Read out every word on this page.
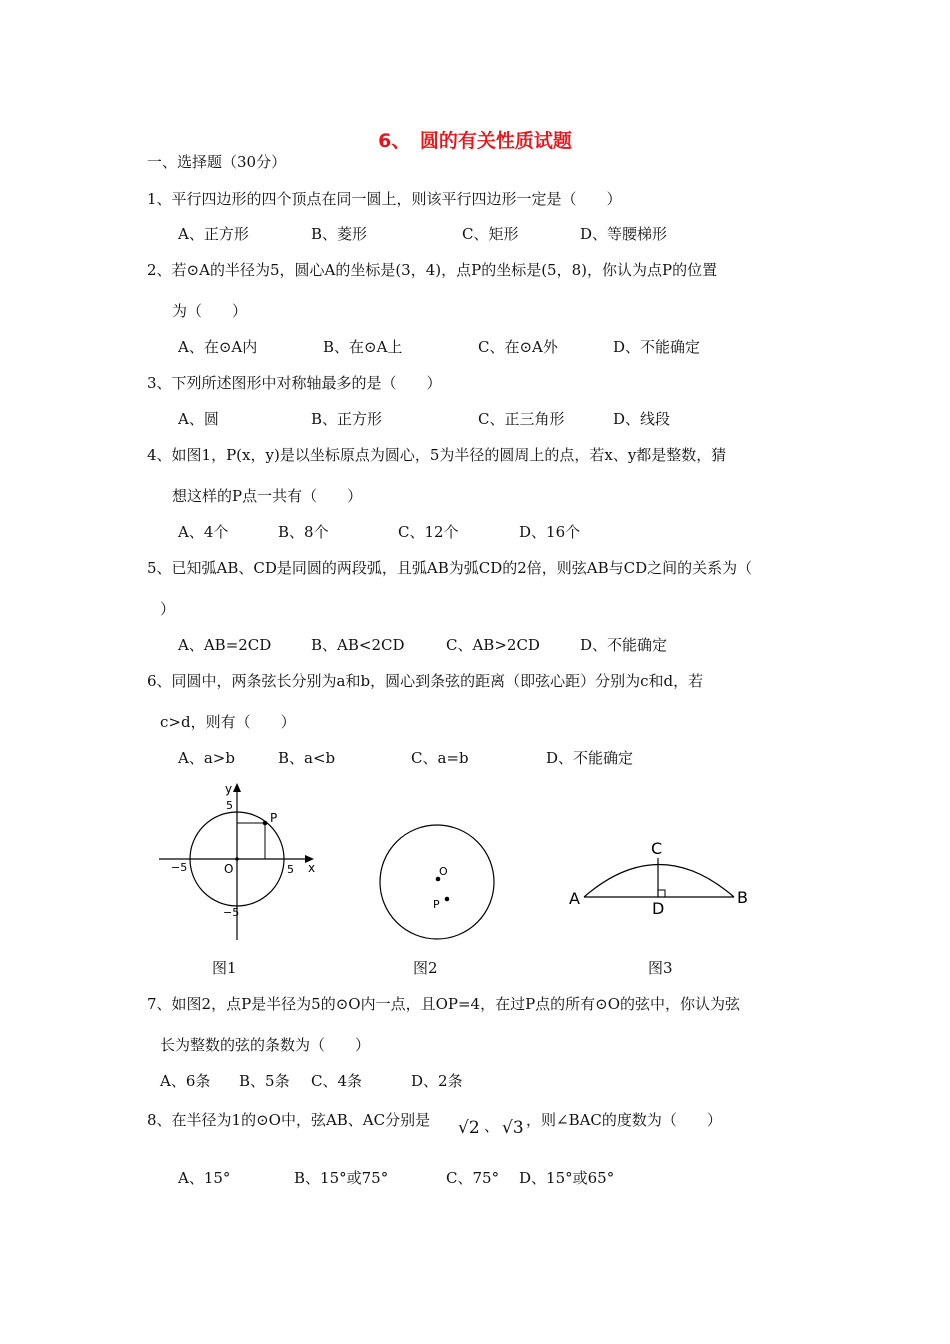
6、　圆的有关性质试题
一、选择题（30分）
1、平行四边形的四个顶点在同一圆上，则该平行四边形一定是（　　）
A、正方形	B、菱形	C、矩形	D、等腰梯形
2、若⊙A的半径为5，圆心A的坐标是(3，4)，点P的坐标是(5，8)，你认为点P的位置
为（　　）
A、在⊙A内	B、在⊙A上	C、在⊙A外	D、不能确定
3、下列所述图形中对称轴最多的是（　　）
A、圆	B、正方形	C、正三角形	D、线段
4、如图1，P(x，y)是以坐标原点为圆心，5为半径的圆周上的点，若x、y都是整数，猜
想这样的P点一共有（　　）
A、4个	B、8个	C、12个	D、16个
5、已知弧AB、CD是同圆的两段弧，且弧AB为弧CD的2倍，则弦AB与CD之间的关系为（
）
A、AB=2CD	B、AB<2CD	C、AB>2CD	D、不能确定
6、同圆中，两条弦长分别为a和b，圆心到条弦的距离（即弦心距）分别为c和d，若
c>d，则有（　　）
A、a>b	B、a<b	C、a=b	D、不能确定
y
x
P
O
5
5
−5
−5
O
P	A	B
C
D
图1	图2	图3
7、如图2，点P是半径为5的⊙O内一点，且OP=4，在过P点的所有⊙O的弦中，你认为弦
长为整数的弦的条数为（　　）
A、6条 B、5条 C、4条	D、2条
8、在半径为1的⊙O中，弦AB、AC分别是 √2 、 √3 ，则∠BAC的度数为（　　）
A、15°	B、15°或75°	C、75° D、15°或65°
